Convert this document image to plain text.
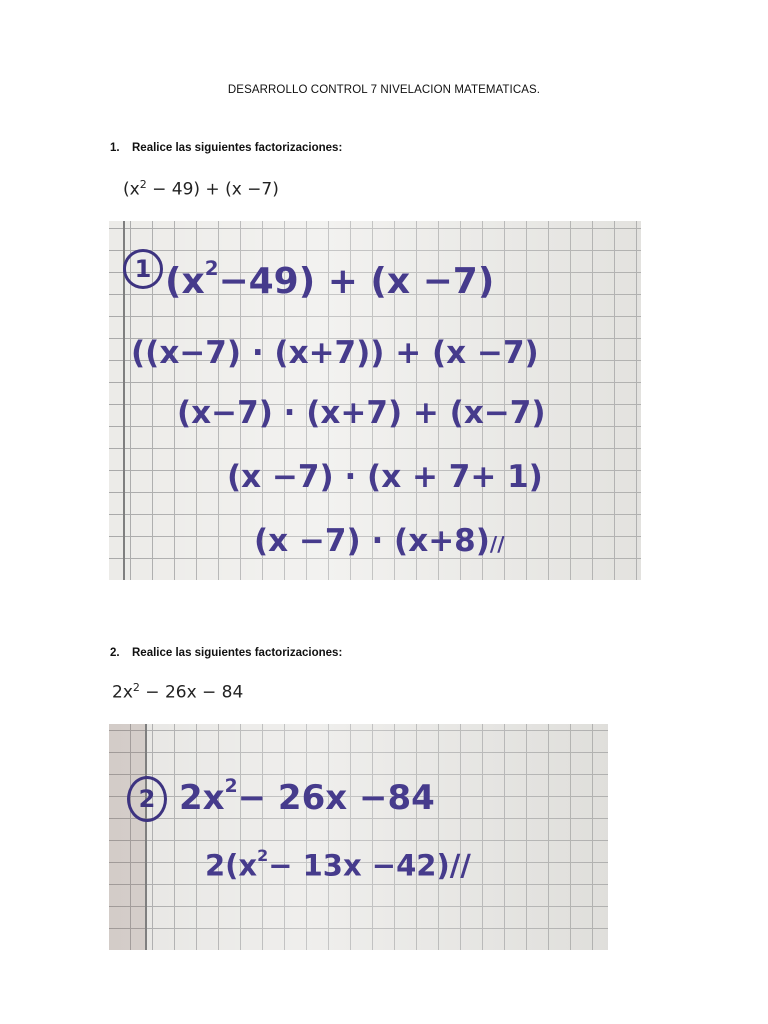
DESARROLLO CONTROL 7 NIVELACION MATEMATICAS.
1. Realice las siguientes factorizaciones:
$(x^2 - 49) + (x -7)$
1 $(x^2-49) + (x -7)$
((x−7) · (x+7)) + (x −7)
(x−7) · (x+7) + (x−7)
(x −7) · (x + 7+ 1)
(x −7) · (x+8)//
2. Realice las siguientes factorizaciones:
$2x^2 - 26x - 84$
2 $2x^2- 26x -84$
$2(x^2- 13x -42)//$
